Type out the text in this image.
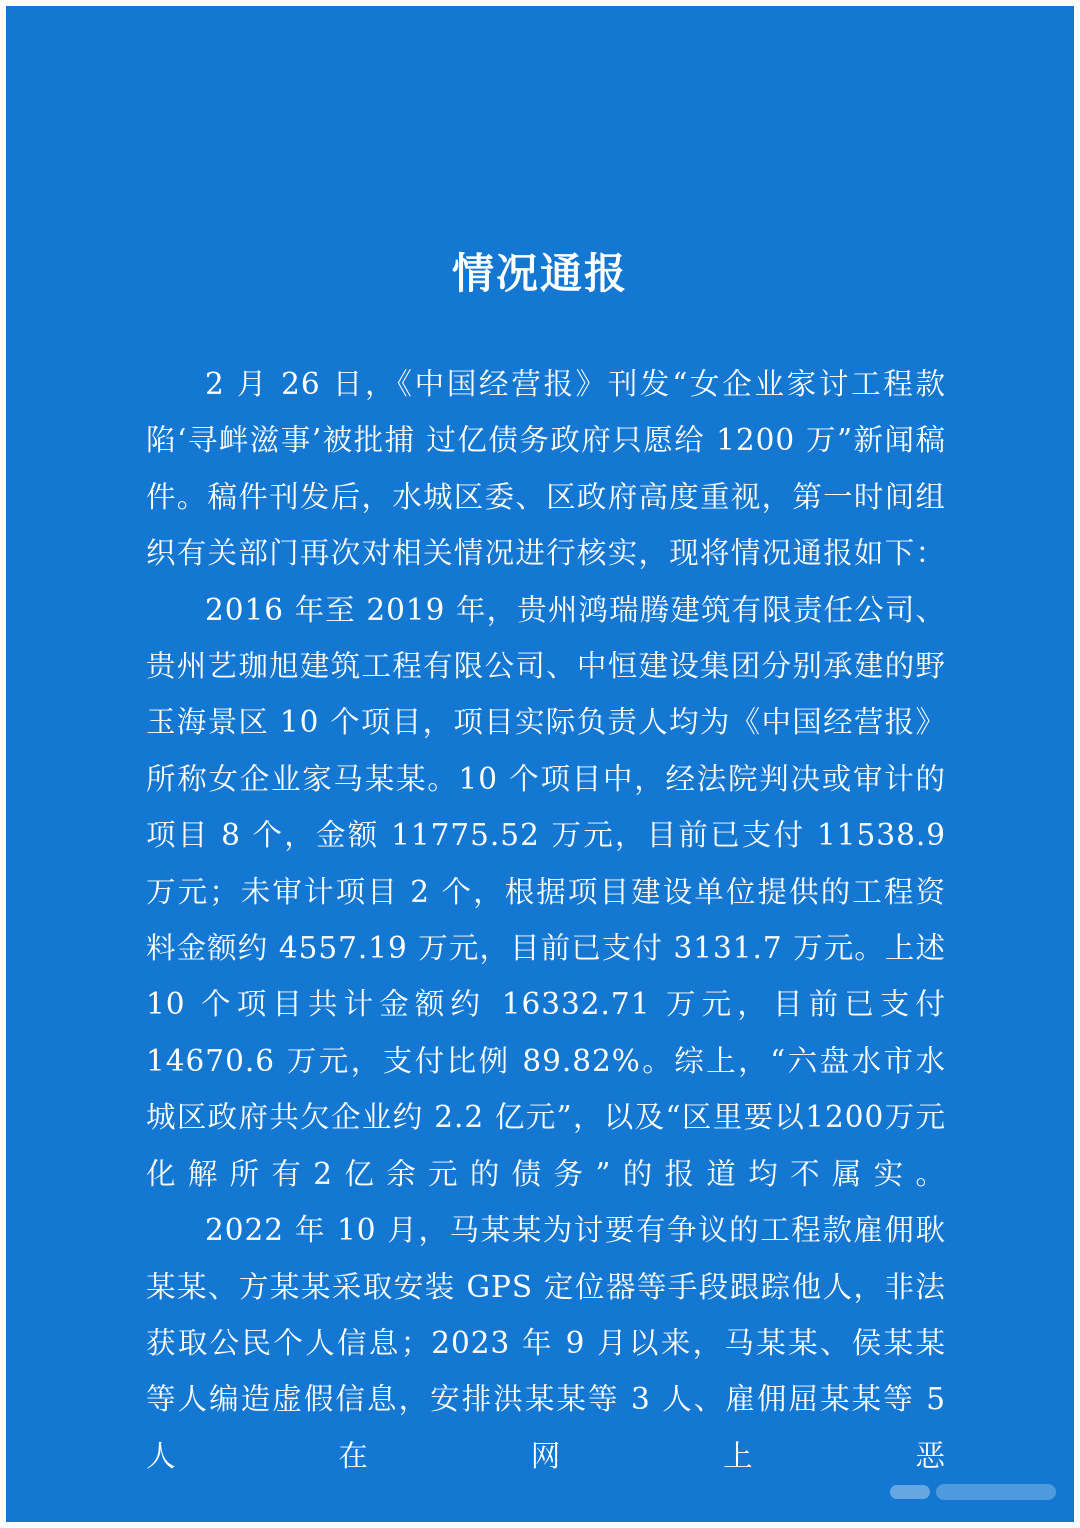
情况通报

2 月 26 日，《中国经营报》刊发“女企业家讨工程款陷‘寻衅滋事’被批捕 过亿债务政府只愿给 1200 万”新闻稿件。稿件刊发后，水城区委、区政府高度重视，第一时间组织有关部门再次对相关情况进行核实，现将情况通报如下：

2016 年至 2019 年，贵州鸿瑞腾建筑有限责任公司、贵州艺珈旭建筑工程有限公司、中恒建设集团分别承建的野玉海景区 10 个项目，项目实际负责人均为《中国经营报》所称女企业家马某某。10 个项目中，经法院判决或审计的项目 8 个，金额 11775.52 万元，目前已支付 11538.9 万元；未审计项目 2 个，根据项目建设单位提供的工程资料金额约 4557.19 万元，目前已支付 3131.7 万元。上述 10 个项目共计金额约 16332.71 万元，目前已支付 14670.6 万元，支付比例 89.82%。综上，“六盘水市水城区政府共欠企业约 2.2 亿元”，以及“区里要以1200万元化解所有2亿余元的债务”的报道均不属实。

2022 年 10 月，马某某为讨要有争议的工程款雇佣耿某某、方某某采取安装 GPS 定位器等手段跟踪他人，非法获取公民个人信息；2023 年 9 月以来，马某某、侯某某等人编造虚假信息，安排洪某某等 3 人、雇佣屈某某等 5 人在网上恶
